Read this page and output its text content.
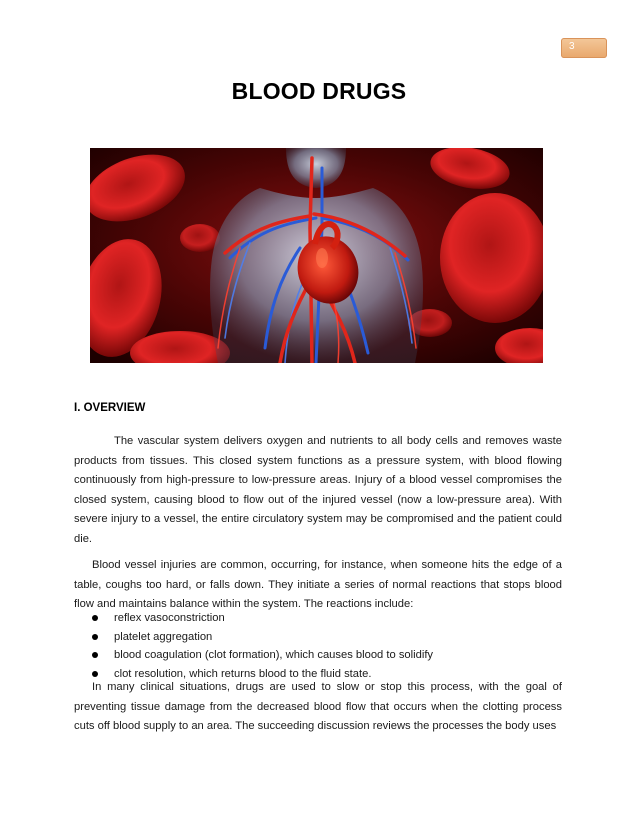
3
BLOOD DRUGS
I. OVERVIEW

The vascular system delivers oxygen and nutrients to all body cells and removes waste products from tissues. This closed system functions as a pressure system, with blood flowing continuously from high-pressure to low-pressure areas. Injury of a blood vessel compromises the closed system, causing blood to flow out of the injured vessel (now a low-pressure area). With severe injury to a vessel, the entire circulatory system may be compromised and the patient could die.

Blood vessel injuries are common, occurring, for instance, when someone hits the edge of a table, coughs too hard, or falls down. They initiate a series of normal reactions that stops blood flow and maintains balance within the system. The reactions include:

reflex vasoconstriction
platelet aggregation
blood coagulation (clot formation), which causes blood to solidify
clot resolution, which returns blood to the fluid state.

In many clinical situations, drugs are used to slow or stop this process, with the goal of preventing tissue damage from the decreased blood flow that occurs when the clotting process cuts off blood supply to an area. The succeeding discussion reviews the processes the body uses
